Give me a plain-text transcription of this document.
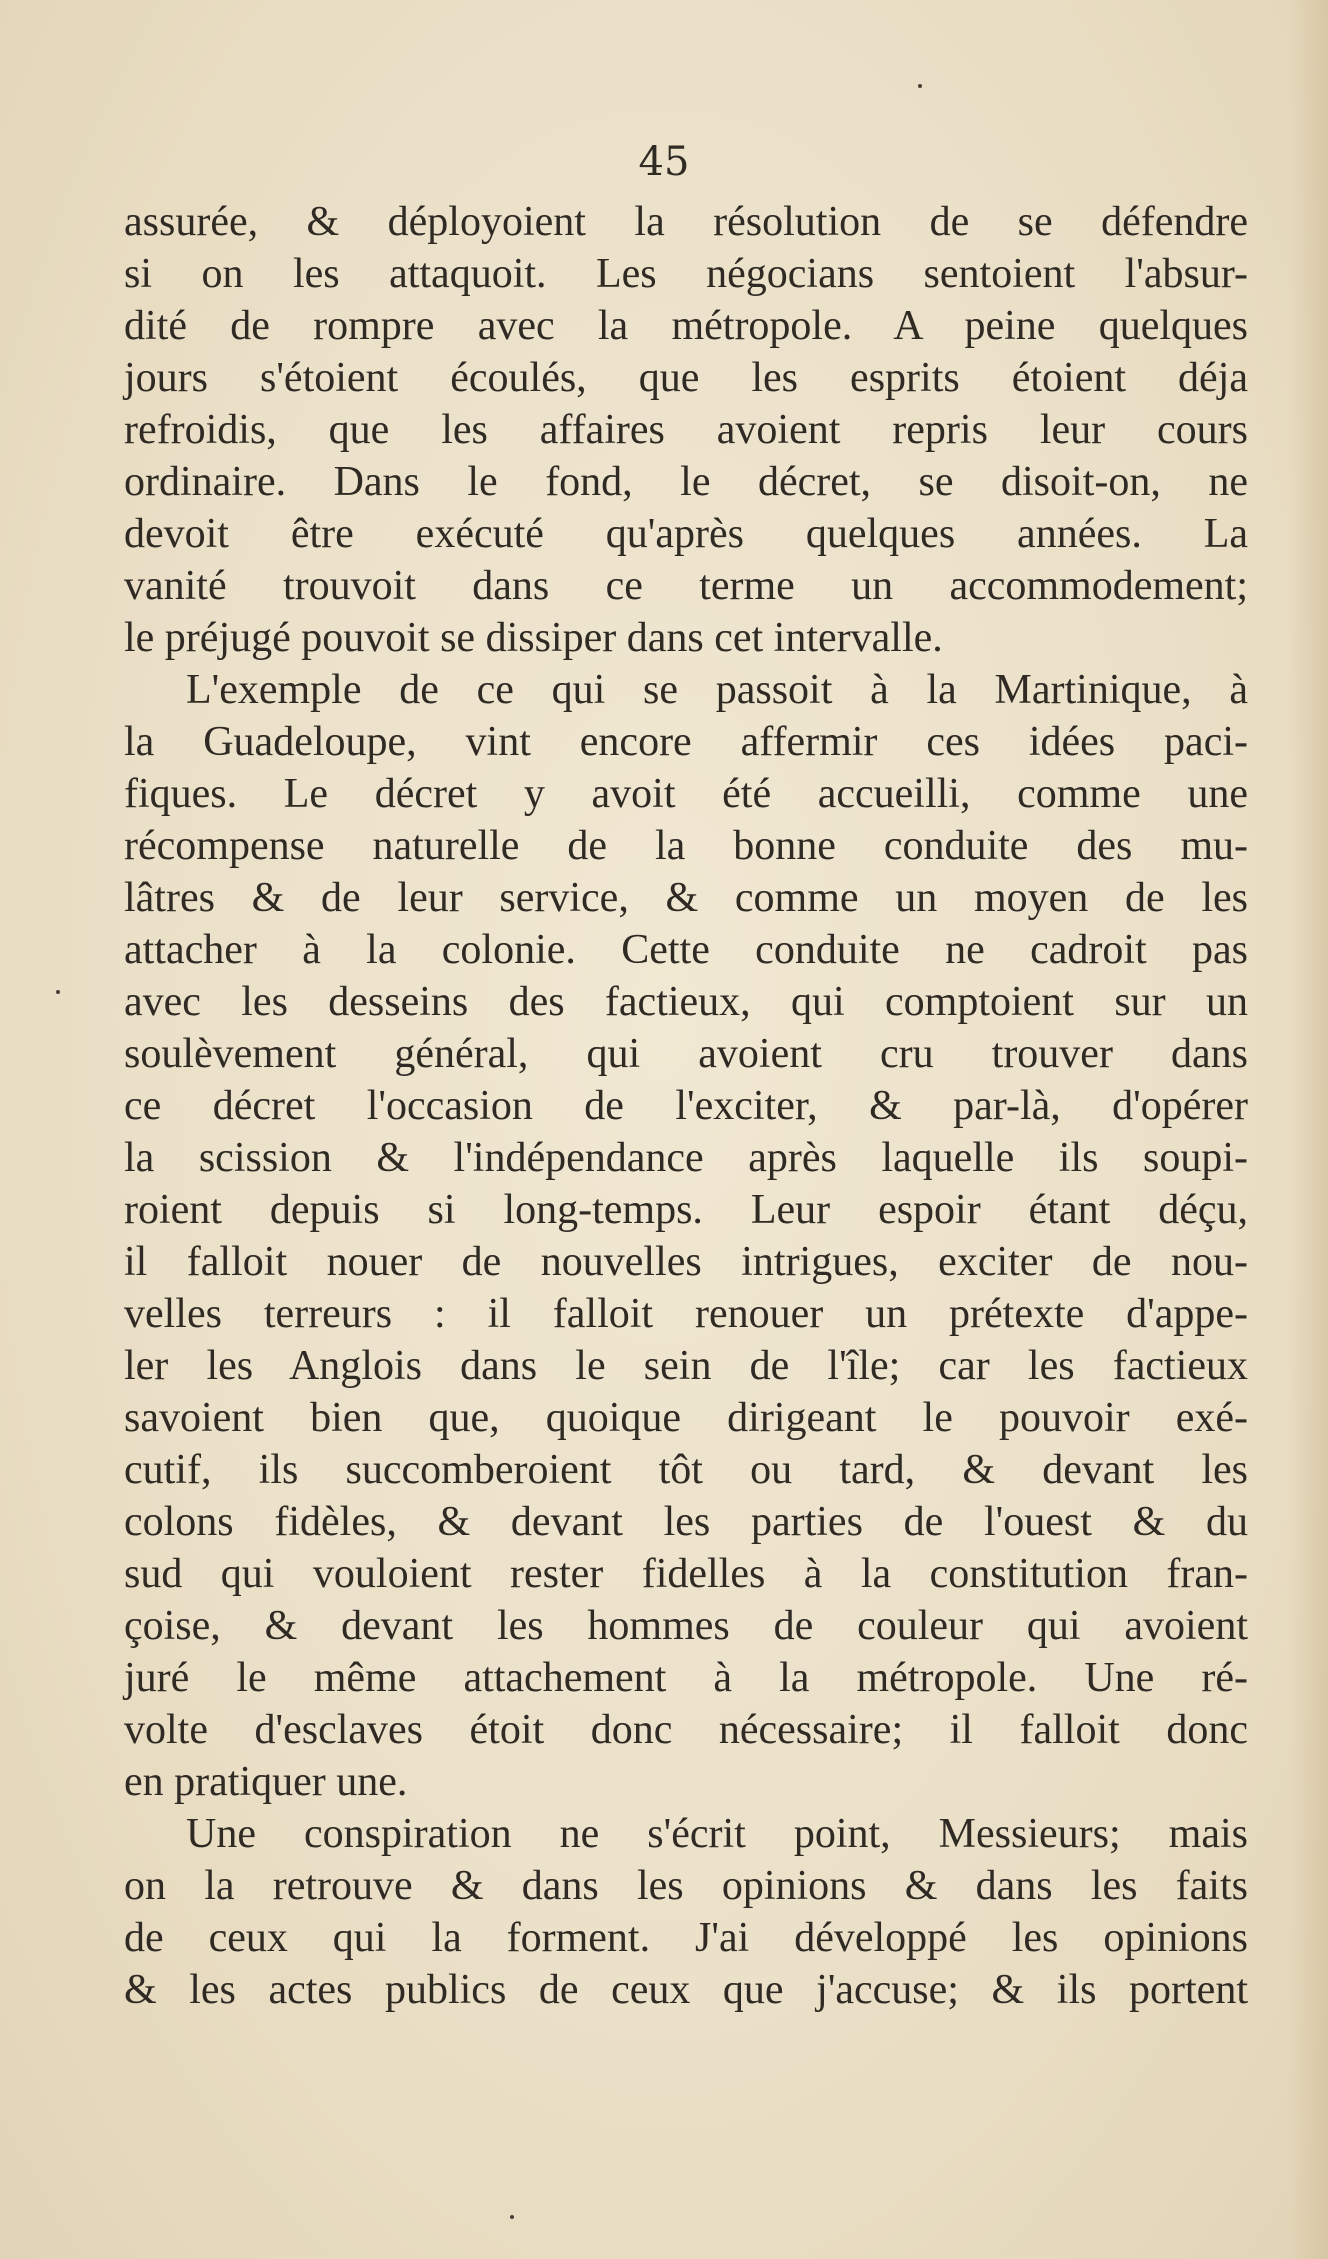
45
assurée, & déployoient la résolution de se défendre
si on les attaquoit. Les négocians sentoient l'absur-
dité de rompre avec la métropole. A peine quelques
jours s'étoient écoulés, que les esprits étoient déja
refroidis, que les affaires avoient repris leur cours
ordinaire. Dans le fond, le décret, se disoit-on, ne
devoit être exécuté qu'après quelques années. La
vanité trouvoit dans ce terme un accommodement;
le préjugé pouvoit se dissiper dans cet intervalle.
L'exemple de ce qui se passoit à la Martinique, à
la Guadeloupe, vint encore affermir ces idées paci-
fiques. Le décret y avoit été accueilli, comme une
récompense naturelle de la bonne conduite des mu-
lâtres & de leur service, & comme un moyen de les
attacher à la colonie. Cette conduite ne cadroit pas
avec les desseins des factieux, qui comptoient sur un
soulèvement général, qui avoient cru trouver dans
ce décret l'occasion de l'exciter, & par-là, d'opérer
la scission & l'indépendance après laquelle ils soupi-
roient depuis si long-temps. Leur espoir étant déçu,
il falloit nouer de nouvelles intrigues, exciter de nou-
velles terreurs : il falloit renouer un prétexte d'appe-
ler les Anglois dans le sein de l'île; car les factieux
savoient bien que, quoique dirigeant le pouvoir exé-
cutif, ils succomberoient tôt ou tard, & devant les
colons fidèles, & devant les parties de l'ouest & du
sud qui vouloient rester fidelles à la constitution fran-
çoise, & devant les hommes de couleur qui avoient
juré le même attachement à la métropole. Une ré-
volte d'esclaves étoit donc nécessaire; il falloit donc
en pratiquer une.
Une conspiration ne s'écrit point, Messieurs; mais
on la retrouve & dans les opinions & dans les faits
de ceux qui la forment. J'ai développé les opinions
& les actes publics de ceux que j'accuse; & ils portent
